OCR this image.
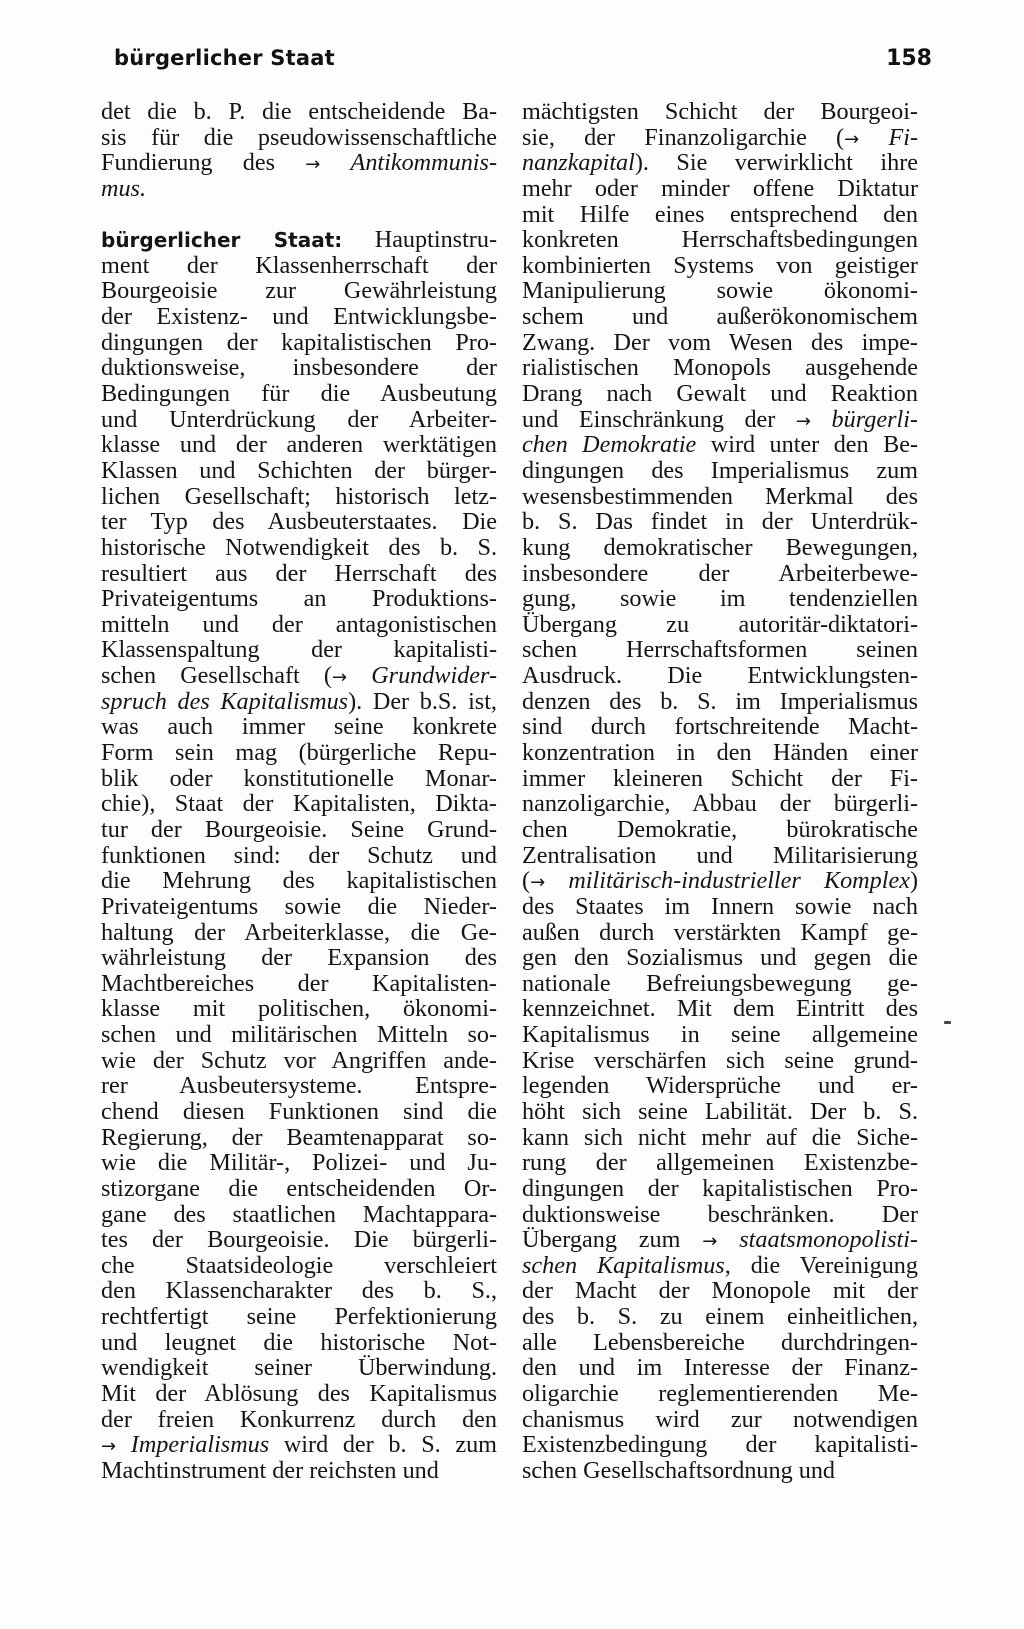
bürgerlicher Staat	158
det die b. P. die entscheidende Ba-
sis für die pseudowissenschaftliche
Fundierung des → Antikommunis-
mus.
bürgerlicher Staat: Hauptinstru-
ment der Klassenherrschaft der
Bourgeoisie zur Gewährleistung
der Existenz- und Entwicklungsbe-
dingungen der kapitalistischen Pro-
duktionsweise, insbesondere der
Bedingungen für die Ausbeutung
und Unterdrückung der Arbeiter-
klasse und der anderen werktätigen
Klassen und Schichten der bürger-
lichen Gesellschaft; historisch letz-
ter Typ des Ausbeuterstaates. Die
historische Notwendigkeit des b. S.
resultiert aus der Herrschaft des
Privateigentums an Produktions-
mitteln und der antagonistischen
Klassenspaltung der kapitalisti-
schen Gesellschaft (→ Grundwider-
spruch des Kapitalismus). Der b.S. ist,
was auch immer seine konkrete
Form sein mag (bürgerliche Repu-
blik oder konstitutionelle Monar-
chie), Staat der Kapitalisten, Dikta-
tur der Bourgeoisie. Seine Grund-
funktionen sind: der Schutz und
die Mehrung des kapitalistischen
Privateigentums sowie die Nieder-
haltung der Arbeiterklasse, die Ge-
währleistung der Expansion des
Machtbereiches der Kapitalisten-
klasse mit politischen, ökonomi-
schen und militärischen Mitteln so-
wie der Schutz vor Angriffen ande-
rer Ausbeutersysteme. Entspre-
chend diesen Funktionen sind die
Regierung, der Beamtenapparat so-
wie die Militär-, Polizei- und Ju-
stizorgane die entscheidenden Or-
gane des staatlichen Machtappara-
tes der Bourgeoisie. Die bürgerli-
che Staatsideologie verschleiert
den Klassencharakter des b. S.,
rechtfertigt seine Perfektionierung
und leugnet die historische Not-
wendigkeit seiner Überwindung.
Mit der Ablösung des Kapitalismus
der freien Konkurrenz durch den
→ Imperialismus wird der b. S. zum
Machtinstrument der reichsten und
mächtigsten Schicht der Bourgeoi-
sie, der Finanzoligarchie (→ Fi-
nanzkapital). Sie verwirklicht ihre
mehr oder minder offene Diktatur
mit Hilfe eines entsprechend den
konkreten Herrschaftsbedingungen
kombinierten Systems von geistiger
Manipulierung sowie ökonomi-
schem und außerökonomischem
Zwang. Der vom Wesen des impe-
rialistischen Monopols ausgehende
Drang nach Gewalt und Reaktion
und Einschränkung der → bürgerli-
chen Demokratie wird unter den Be-
dingungen des Imperialismus zum
wesensbestimmenden Merkmal des
b. S. Das findet in der Unterdrük-
kung demokratischer Bewegungen,
insbesondere der Arbeiterbewe-
gung, sowie im tendenziellen
Übergang zu autoritär-diktatori-
schen Herrschaftsformen seinen
Ausdruck. Die Entwicklungsten-
denzen des b. S. im Imperialismus
sind durch fortschreitende Macht-
konzentration in den Händen einer
immer kleineren Schicht der Fi-
nanzoligarchie, Abbau der bürgerli-
chen Demokratie, bürokratische
Zentralisation und Militarisierung
(→ militärisch-industrieller Komplex)
des Staates im Innern sowie nach
außen durch verstärkten Kampf ge-
gen den Sozialismus und gegen die
nationale Befreiungsbewegung ge-
kennzeichnet. Mit dem Eintritt des
Kapitalismus in seine allgemeine
Krise verschärfen sich seine grund-
legenden Widersprüche und er-
höht sich seine Labilität. Der b. S.
kann sich nicht mehr auf die Siche-
rung der allgemeinen Existenzbe-
dingungen der kapitalistischen Pro-
duktionsweise beschränken. Der
Übergang zum → staatsmonopolisti-
schen Kapitalismus, die Vereinigung
der Macht der Monopole mit der
des b. S. zu einem einheitlichen,
alle Lebensbereiche durchdringen-
den und im Interesse der Finanz-
oligarchie reglementierenden Me-
chanismus wird zur notwendigen
Existenzbedingung der kapitalisti-
schen Gesellschaftsordnung und
